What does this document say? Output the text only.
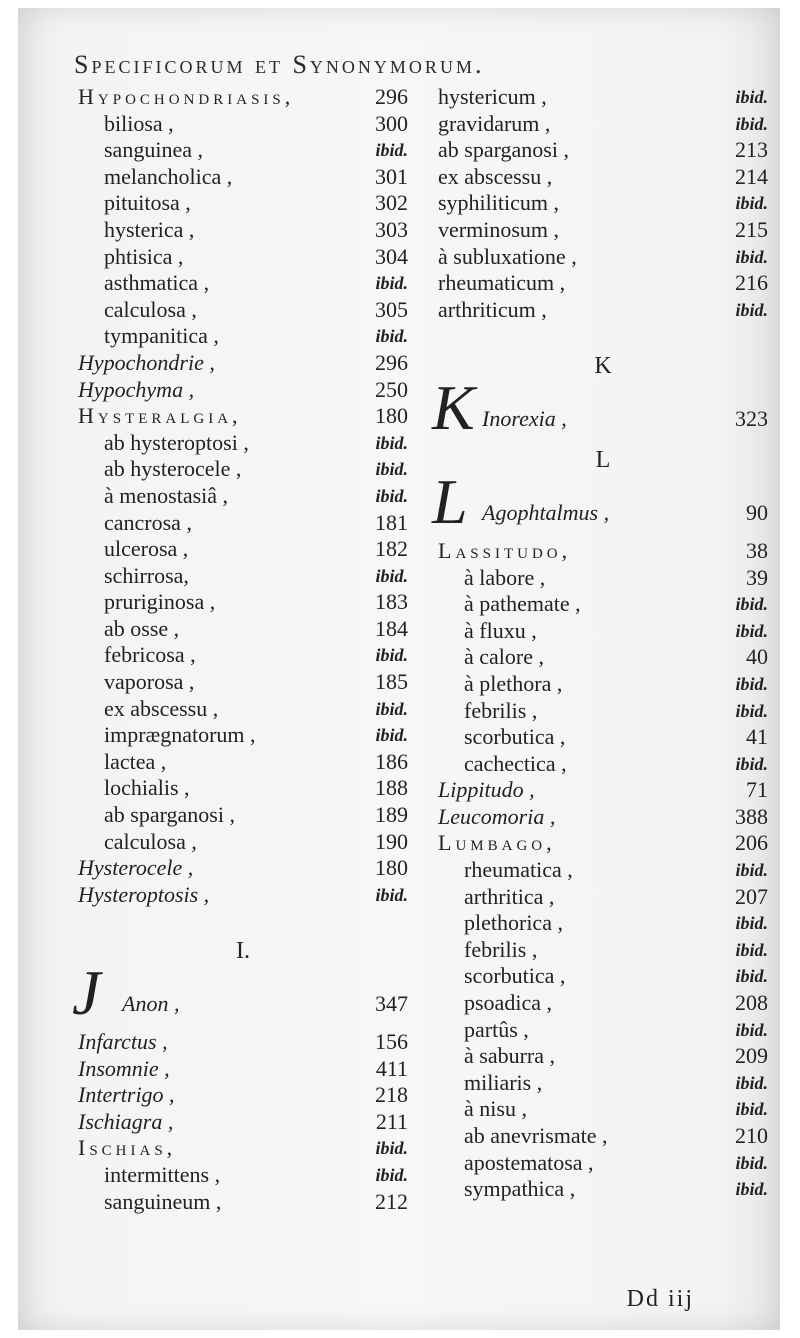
Specificorum et Synonymorum.
Hypochondriasis,	296
biliosa ,	300
sanguinea ,	ibid.
melancholica ,	301
pituitosa ,	302
hysterica ,	303
phtisica ,	304
asthmatica ,	ibid.
calculosa ,	305
tympanitica ,	ibid.
Hypochondrie ,	296
Hypochyma ,	250
Hysteralgia,	180
ab hysteroptosi ,	ibid.
ab hysterocele ,	ibid.
à menostasiâ ,	ibid.
cancrosa ,	181
ulcerosa ,	182
schirrosa,	ibid.
pruriginosa ,	183
ab osse ,	184
febricosa ,	ibid.
vaporosa ,	185
ex abscessu ,	ibid.
imprægnatorum ,	ibid.
lactea ,	186
lochialis ,	188
ab sparganosi ,	189
calculosa ,	190
Hysterocele ,	180
Hysteroptosis ,	ibid.
I.
J Anon ,	347
Infarctus ,	156
Insomnie ,	411
Intertrigo ,	218
Ischiagra ,	211
Ischias,	ibid.
intermittens ,	ibid.
sanguineum ,	212
hystericum ,	ibid.
gravidarum ,	ibid.
ab sparganosi ,	213
ex abscessu ,	214
syphiliticum ,	ibid.
verminosum ,	215
à subluxatione ,	ibid.
rheumaticum ,	216
arthriticum ,	ibid.
K
K Inorexia ,	323
L
L Agophtalmus ,	90
Lassitudo,	38
à labore ,	39
à pathemate ,	ibid.
à fluxu ,	ibid.
à calore ,	40
à plethora ,	ibid.
febrilis ,	ibid.
scorbutica ,	41
cachectica ,	ibid.
Lippitudo ,	71
Leucomoria ,	388
Lumbago,	206
rheumatica ,	ibid.
arthritica ,	207
plethorica ,	ibid.
febrilis ,	ibid.
scorbutica ,	ibid.
psoadica ,	208
partûs ,	ibid.
à saburra ,	209
miliaris ,	ibid.
à nisu ,	ibid.
ab anevrismate ,	210
apostematosa ,	ibid.
sympathica ,	ibid.
Dd iij
